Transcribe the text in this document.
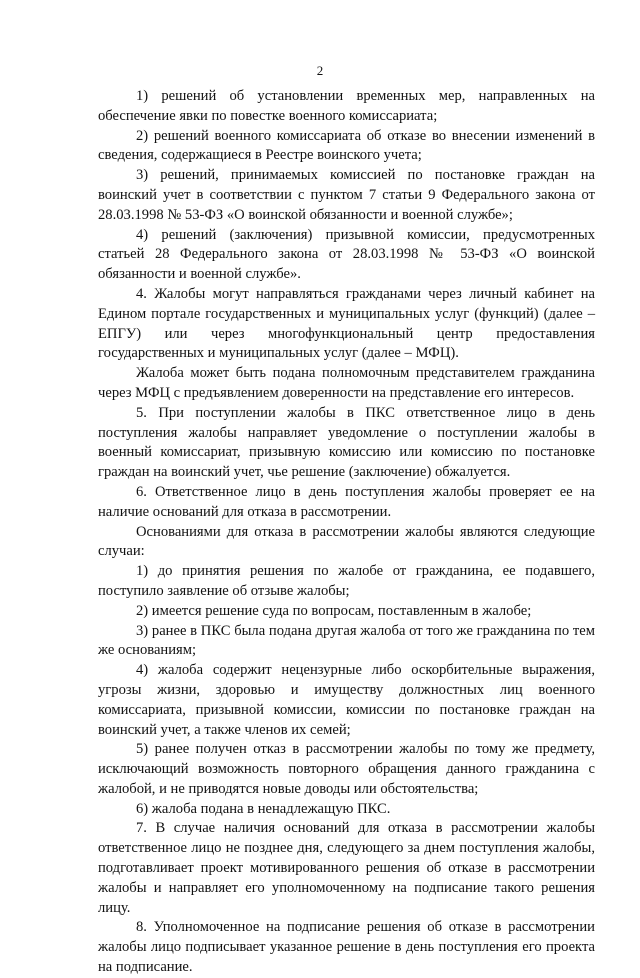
2

1) решений об установлении временных мер, направленных на обеспечение явки по повестке военного комиссариата;

2) решений военного комиссариата об отказе во внесении изменений в сведения, содержащиеся в Реестре воинского учета;

3) решений, принимаемых комиссией по постановке граждан на воинский учет в соответствии с пунктом 7 статьи 9 Федерального закона от 28.03.1998 № 53-ФЗ «О воинской обязанности и военной службе»;

4) решений (заключения) призывной комиссии, предусмотренных статьей 28 Федерального закона от 28.03.1998 № 53-ФЗ «О воинской обязанности и военной службе».

4. Жалобы могут направляться гражданами через личный кабинет на Едином портале государственных и муниципальных услуг (функций) (далее – ЕПГУ) или через многофункциональный центр предоставления государственных и муниципальных услуг (далее – МФЦ).

Жалоба может быть подана полномочным представителем гражданина через МФЦ с предъявлением доверенности на представление его интересов.

5. При поступлении жалобы в ПКС ответственное лицо в день поступления жалобы направляет уведомление о поступлении жалобы в военный комиссариат, призывную комиссию или комиссию по постановке граждан на воинский учет, чье решение (заключение) обжалуется.

6. Ответственное лицо в день поступления жалобы проверяет ее на наличие оснований для отказа в рассмотрении.

Основаниями для отказа в рассмотрении жалобы являются следующие случаи:

1) до принятия решения по жалобе от гражданина, ее подавшего, поступило заявление об отзыве жалобы;

2) имеется решение суда по вопросам, поставленным в жалобе;

3) ранее в ПКС была подана другая жалоба от того же гражданина по тем же основаниям;

4) жалоба содержит нецензурные либо оскорбительные выражения, угрозы жизни, здоровью и имуществу должностных лиц военного комиссариата, призывной комиссии, комиссии по постановке граждан на воинский учет, а также членов их семей;

5) ранее получен отказ в рассмотрении жалобы по тому же предмету, исключающий возможность повторного обращения данного гражданина с жалобой, и не приводятся новые доводы или обстоятельства;

6) жалоба подана в ненадлежащую ПКС.

7. В случае наличия оснований для отказа в рассмотрении жалобы ответственное лицо не позднее дня, следующего за днем поступления жалобы, подготавливает проект мотивированного решения об отказе в рассмотрении жалобы и направляет его уполномоченному на подписание такого решения лицу.

8. Уполномоченное на подписание решения об отказе в рассмотрении жалобы лицо подписывает указанное решение в день поступления его проекта на подписание.
